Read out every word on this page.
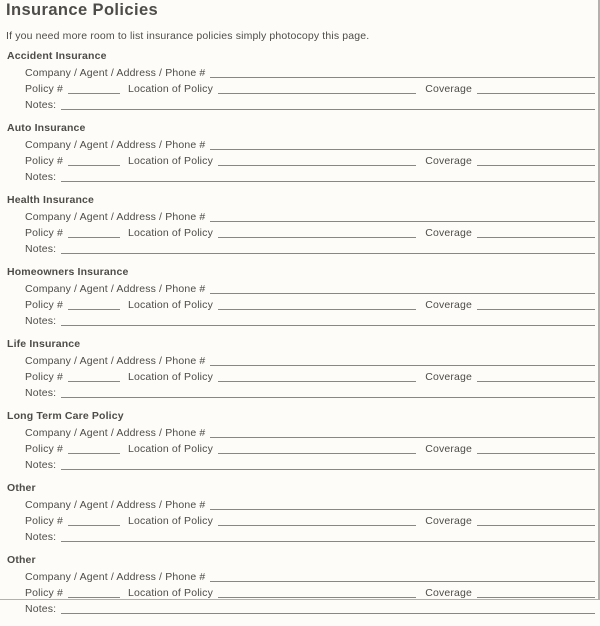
Insurance Policies

If you need more room to list insurance policies simply photocopy this page.

Accident Insurance
Company / Agent / Address / Phone #
Policy #	Location of Policy	Coverage
Notes:
Auto Insurance
Company / Agent / Address / Phone #
Policy #	Location of Policy	Coverage
Notes:
Health Insurance
Company / Agent / Address / Phone #
Policy #	Location of Policy	Coverage
Notes:
Homeowners Insurance
Company / Agent / Address / Phone #
Policy #	Location of Policy	Coverage
Notes:
Life Insurance
Company / Agent / Address / Phone #
Policy #	Location of Policy	Coverage
Notes:
Long Term Care Policy
Company / Agent / Address / Phone #
Policy #	Location of Policy	Coverage
Notes:
Other
Company / Agent / Address / Phone #
Policy #	Location of Policy	Coverage
Notes:
Other
Company / Agent / Address / Phone #
Policy #	Location of Policy	Coverage
Notes:
